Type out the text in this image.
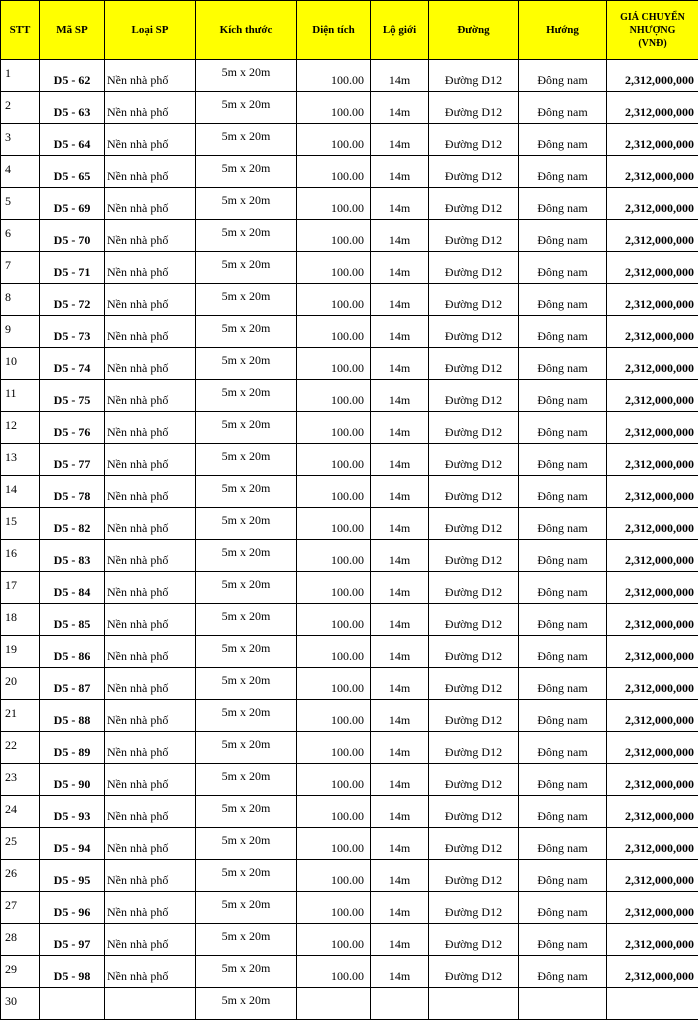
STT	Mã SP	Loại SP	Kích thước	Diện tích	Lộ giới	Đường	Hướng	GIÁ CHUYỂN
NHƯỢNG
(VNĐ)

1	D5 - 62	Nền nhà phố	5m x 20m	100.00	14m	Đường D12	Đông nam	2,312,000,000

2	D5 - 63	Nền nhà phố	5m x 20m	100.00	14m	Đường D12	Đông nam	2,312,000,000

3	D5 - 64	Nền nhà phố	5m x 20m	100.00	14m	Đường D12	Đông nam	2,312,000,000

4	D5 - 65	Nền nhà phố	5m x 20m	100.00	14m	Đường D12	Đông nam	2,312,000,000

5	D5 - 69	Nền nhà phố	5m x 20m	100.00	14m	Đường D12	Đông nam	2,312,000,000

6	D5 - 70	Nền nhà phố	5m x 20m	100.00	14m	Đường D12	Đông nam	2,312,000,000

7	D5 - 71	Nền nhà phố	5m x 20m	100.00	14m	Đường D12	Đông nam	2,312,000,000

8	D5 - 72	Nền nhà phố	5m x 20m	100.00	14m	Đường D12	Đông nam	2,312,000,000

9	D5 - 73	Nền nhà phố	5m x 20m	100.00	14m	Đường D12	Đông nam	2,312,000,000

10	D5 - 74	Nền nhà phố	5m x 20m	100.00	14m	Đường D12	Đông nam	2,312,000,000

11	D5 - 75	Nền nhà phố	5m x 20m	100.00	14m	Đường D12	Đông nam	2,312,000,000

12	D5 - 76	Nền nhà phố	5m x 20m	100.00	14m	Đường D12	Đông nam	2,312,000,000

13	D5 - 77	Nền nhà phố	5m x 20m	100.00	14m	Đường D12	Đông nam	2,312,000,000

14	D5 - 78	Nền nhà phố	5m x 20m	100.00	14m	Đường D12	Đông nam	2,312,000,000

15	D5 - 82	Nền nhà phố	5m x 20m	100.00	14m	Đường D12	Đông nam	2,312,000,000

16	D5 - 83	Nền nhà phố	5m x 20m	100.00	14m	Đường D12	Đông nam	2,312,000,000

17	D5 - 84	Nền nhà phố	5m x 20m	100.00	14m	Đường D12	Đông nam	2,312,000,000

18	D5 - 85	Nền nhà phố	5m x 20m	100.00	14m	Đường D12	Đông nam	2,312,000,000

19	D5 - 86	Nền nhà phố	5m x 20m	100.00	14m	Đường D12	Đông nam	2,312,000,000

20	D5 - 87	Nền nhà phố	5m x 20m	100.00	14m	Đường D12	Đông nam	2,312,000,000

21	D5 - 88	Nền nhà phố	5m x 20m	100.00	14m	Đường D12	Đông nam	2,312,000,000

22	D5 - 89	Nền nhà phố	5m x 20m	100.00	14m	Đường D12	Đông nam	2,312,000,000

23	D5 - 90	Nền nhà phố	5m x 20m	100.00	14m	Đường D12	Đông nam	2,312,000,000

24	D5 - 93	Nền nhà phố	5m x 20m	100.00	14m	Đường D12	Đông nam	2,312,000,000

25	D5 - 94	Nền nhà phố	5m x 20m	100.00	14m	Đường D12	Đông nam	2,312,000,000

26	D5 - 95	Nền nhà phố	5m x 20m	100.00	14m	Đường D12	Đông nam	2,312,000,000

27	D5 - 96	Nền nhà phố	5m x 20m	100.00	14m	Đường D12	Đông nam	2,312,000,000

28	D5 - 97	Nền nhà phố	5m x 20m	100.00	14m	Đường D12	Đông nam	2,312,000,000

29	D5 - 98	Nền nhà phố	5m x 20m	100.00	14m	Đường D12	Đông nam	2,312,000,000

30			5m x 20m					
